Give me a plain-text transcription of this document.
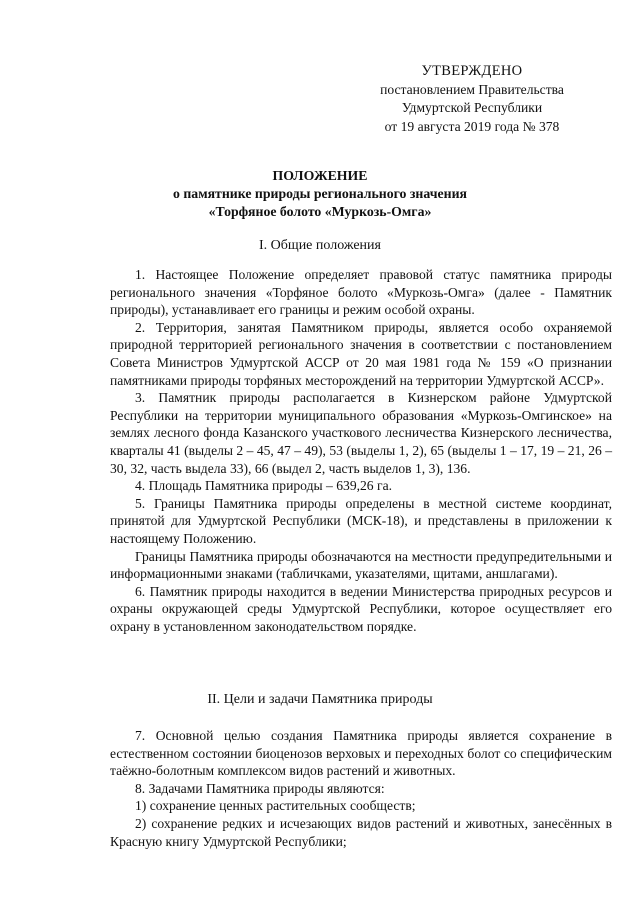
УТВЕРЖДЕНО
постановлением Правительства
Удмуртской Республики
от 19 августа 2019 года № 378
ПОЛОЖЕНИЕ
о памятнике природы регионального значения
«Торфяное болото «Муркозь-Омга»
I. Общие положения

1. Настоящее Положение определяет правовой статус памятника природы регионального значения «Торфяное болото «Муркозь-Омга» (далее - Памятник природы), устанавливает его границы и режим особой охраны.

2. Территория, занятая Памятником природы, является особо охраняемой природной территорией регионального значения в соответствии с постановлением Совета Министров Удмуртской АССР от 20 мая 1981 года № 159 «О признании памятниками природы торфяных месторождений на территории Удмуртской АССР».

3. Памятник природы располагается в Кизнерском районе Удмуртской Республики на территории муниципального образования «Муркозь-Омгинское» на землях лесного фонда Казанского участкового лесничества Кизнерского лесничества, кварталы 41 (выделы 2 – 45, 47 – 49), 53 (выделы 1, 2), 65 (выделы 1 – 17, 19 – 21, 26 – 30, 32, часть выдела 33), 66 (выдел 2, часть выделов 1, 3), 136.

4. Площадь Памятника природы – 639,26 га.

5. Границы Памятника природы определены в местной системе координат, принятой для Удмуртской Республики (МСК-18), и представлены в приложении к настоящему Положению.

Границы Памятника природы обозначаются на местности предупредительными и информационными знаками (табличками, указателями, щитами, аншлагами).

6. Памятник природы находится в ведении Министерства природных ресурсов и охраны окружающей среды Удмуртской Республики, которое осуществляет его охрану в установленном законодательством порядке.

II. Цели и задачи Памятника природы

7. Основной целью создания Памятника природы является сохранение в естественном состоянии биоценозов верховых и переходных болот со специфическим таёжно-болотным комплексом видов растений и животных.

8. Задачами Памятника природы являются:

1) сохранение ценных растительных сообществ;

2) сохранение редких и исчезающих видов растений и животных, занесённых в Красную книгу Удмуртской Республики;
